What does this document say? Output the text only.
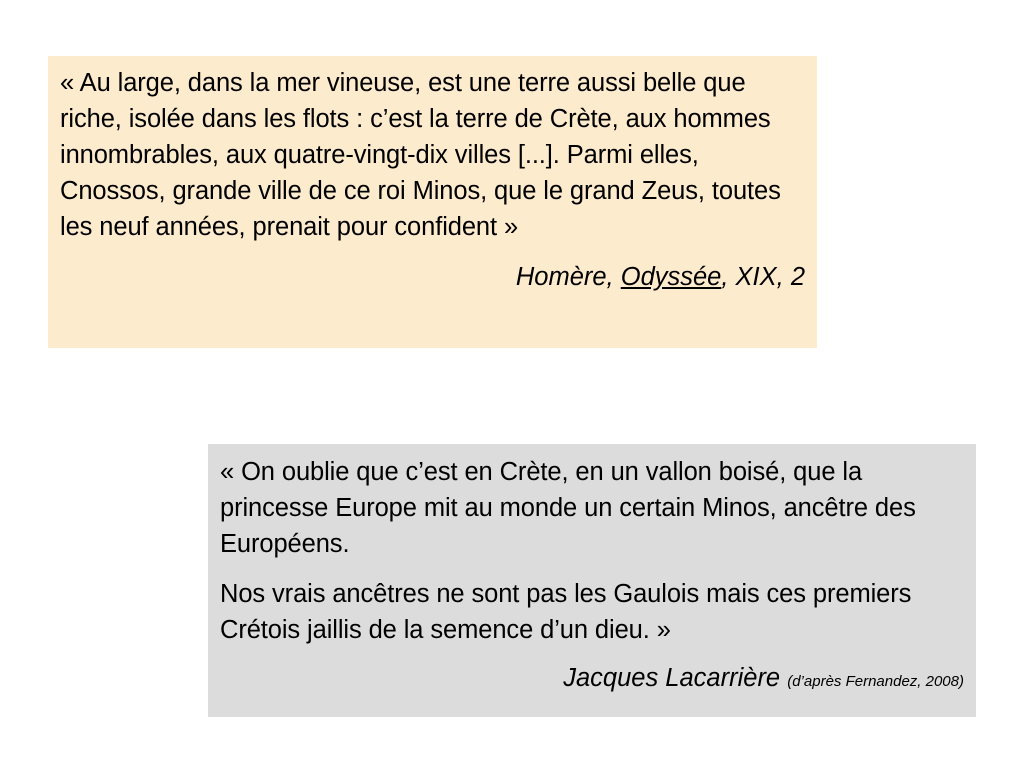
« Au large, dans la mer vineuse, est une terre aussi belle que riche, isolée dans les flots : c’est la terre de Crète, aux hommes innombrables, aux quatre-vingt-dix villes [...]. Parmi elles, Cnossos, grande ville de ce roi Minos, que le grand Zeus, toutes les neuf années, prenait pour confident »

Homère, Odyssée, XIX, 2

« On oublie que c’est en Crète, en un vallon boisé, que la princesse Europe mit au monde un certain Minos, ancêtre des Européens.

Nos vrais ancêtres ne sont pas les Gaulois mais ces premiers Crétois jaillis de la semence d’un dieu. »

Jacques Lacarrière (d’après Fernandez, 2008)
